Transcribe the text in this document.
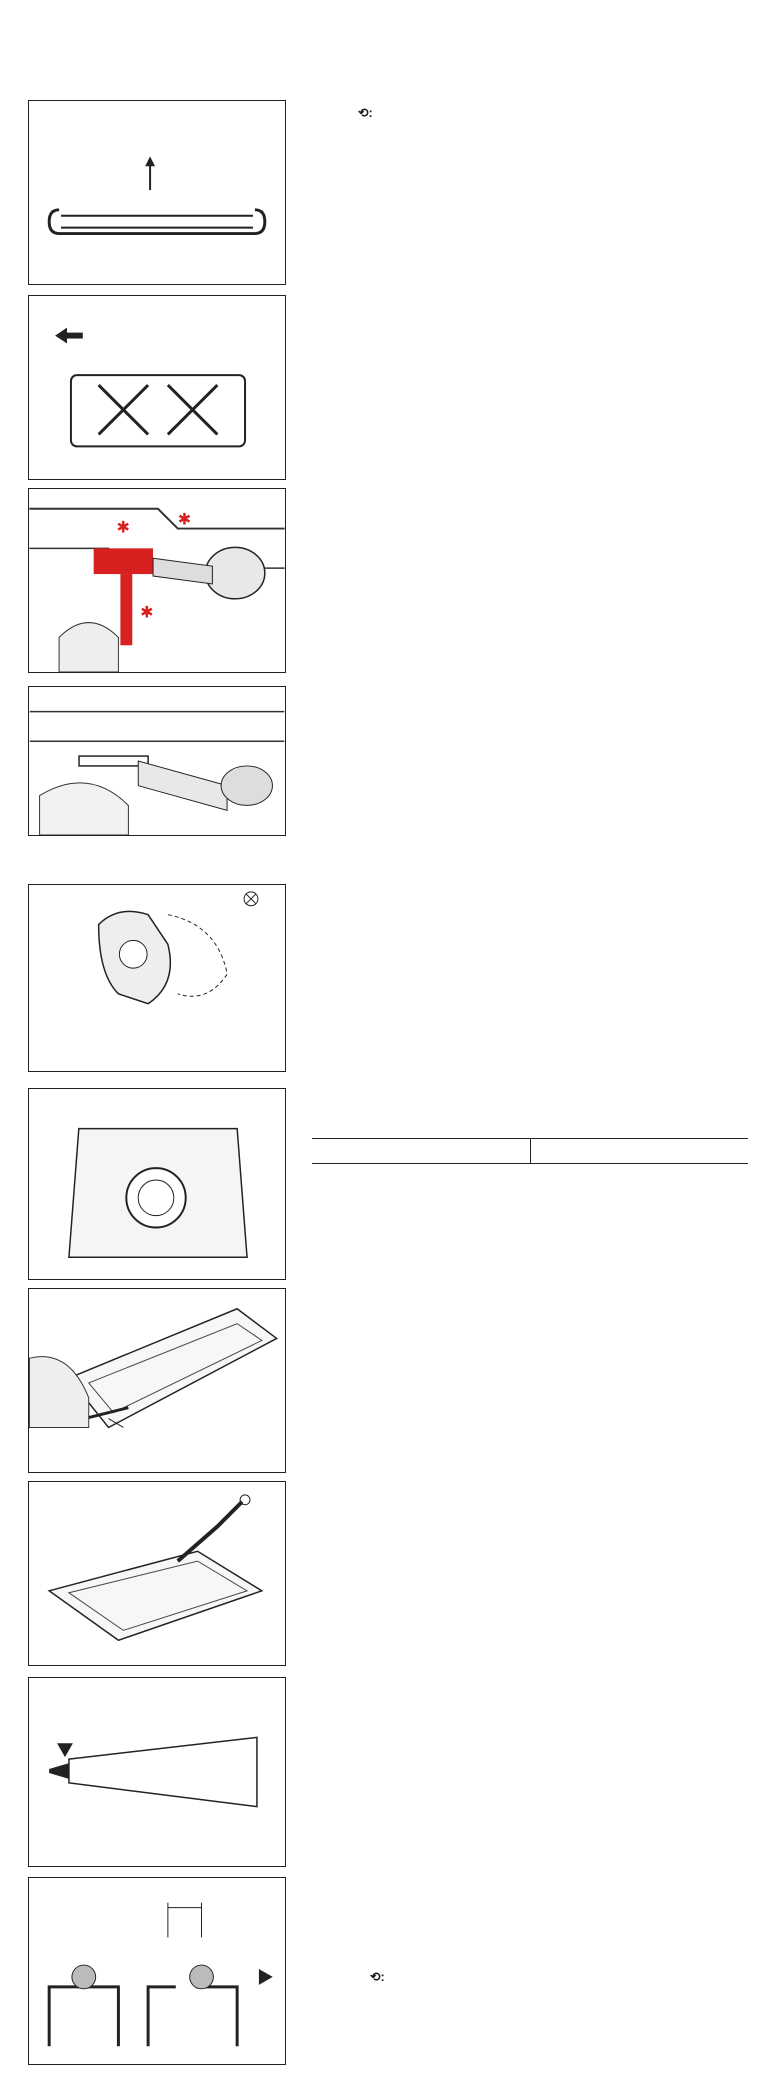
⟲:
✱	✱
✱

⟲:
